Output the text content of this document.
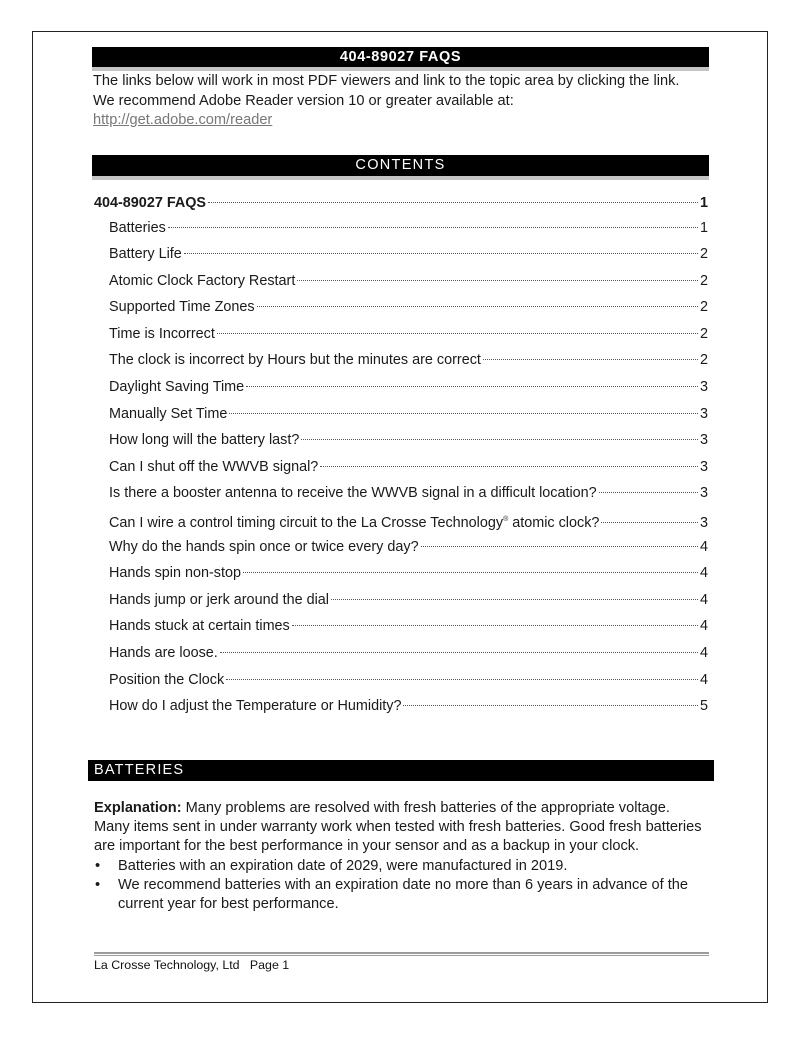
404-89027 FAQS
The links below will work in most PDF viewers and link to the topic area by clicking the link. We recommend Adobe Reader version 10 or greater available at:
http://get.adobe.com/reader
CONTENTS
404-89027 FAQS	1
Batteries	1
Battery Life	2
Atomic Clock Factory Restart	2
Supported Time Zones	2
Time is Incorrect	2
The clock is incorrect by Hours but the minutes are correct	2
Daylight Saving Time	3
Manually Set Time	3
How long will the battery last?	3
Can I shut off the WWVB signal?	3
Is there a booster antenna to receive the WWVB signal in a difficult location?	3
Can I wire a control timing circuit to the La Crosse Technology® atomic clock?	3
Why do the hands spin once or twice every day?	4
Hands spin non-stop	4
Hands jump or jerk around the dial	4
Hands stuck at certain times	4
Hands are loose.	4
Position the Clock	4
How do I adjust the Temperature or Humidity?	5
BATTERIES
Explanation: Many problems are resolved with fresh batteries of the appropriate voltage. Many items sent in under warranty work when tested with fresh batteries. Good fresh batteries are important for the best performance in your sensor and as a backup in your clock.
• Batteries with an expiration date of 2029, were manufactured in 2019.
• We recommend batteries with an expiration date no more than 6 years in advance of the current year for best performance.
La Crosse Technology, Ltd   Page 1
